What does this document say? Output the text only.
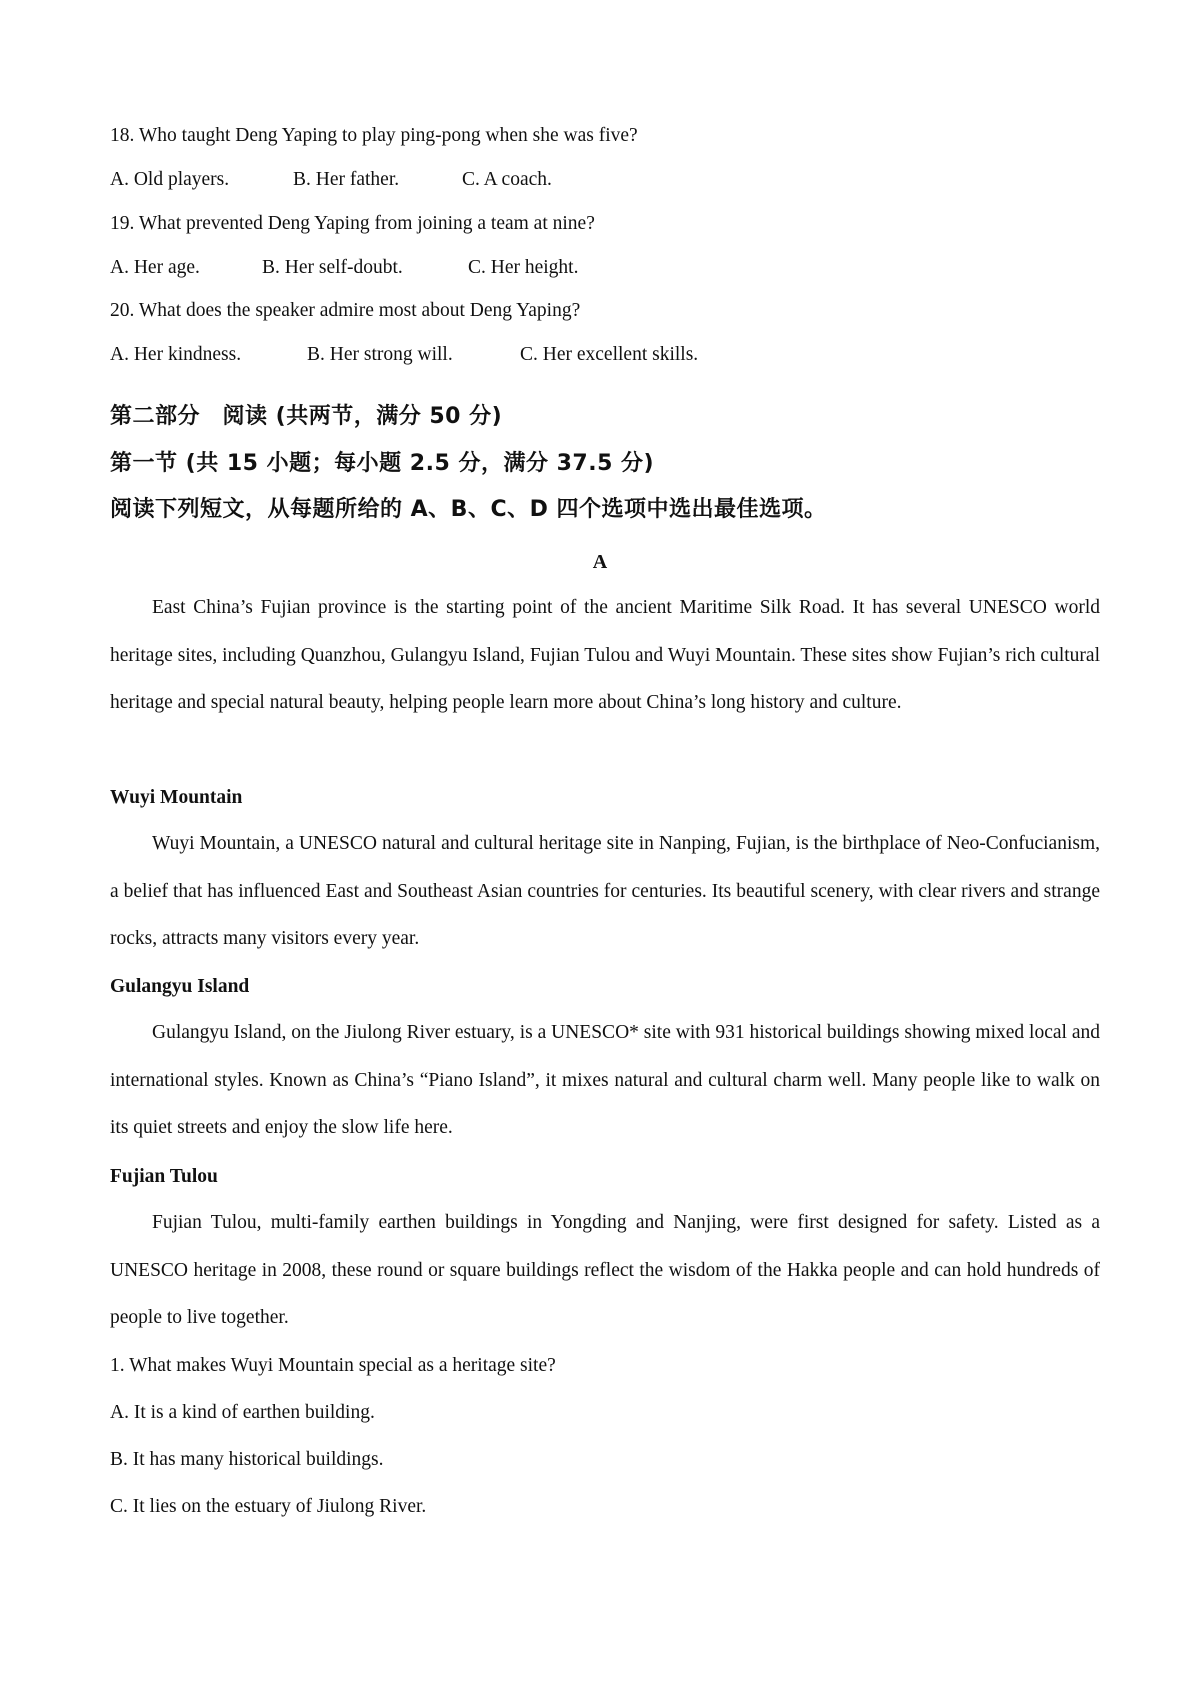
18. Who taught Deng Yaping to play ping-pong when she was five?
A. Old players.	B. Her father.	C. A coach.
19. What prevented Deng Yaping from joining a team at nine?
A. Her age.	B. Her self-doubt.	C. Her height.
20. What does the speaker admire most about Deng Yaping?
A. Her kindness.	B. Her strong will.	C. Her excellent skills.
第二部分　阅读 (共两节，满分 50 分)
第一节 (共 15 小题；每小题 2.5 分，满分 37.5 分)
阅读下列短文，从每题所给的 A、B、C、D 四个选项中选出最佳选项。
A

East China’s Fujian province is the starting point of the ancient Maritime Silk Road. It has several UNESCO world heritage sites, including Quanzhou, Gulangyu Island, Fujian Tulou and Wuyi Mountain. These sites show Fujian’s rich cultural heritage and special natural beauty, helping people learn more about China’s long history and culture.

Wuyi Mountain

Wuyi Mountain, a UNESCO natural and cultural heritage site in Nanping, Fujian, is the birthplace of Neo-Confucianism, a belief that has influenced East and Southeast Asian countries for centuries. Its beautiful scenery, with clear rivers and strange rocks, attracts many visitors every year.

Gulangyu Island

Gulangyu Island, on the Jiulong River estuary, is a UNESCO* site with 931 historical buildings showing mixed local and international styles. Known as China’s “Piano Island”, it mixes natural and cultural charm well. Many people like to walk on its quiet streets and enjoy the slow life here.

Fujian Tulou

Fujian Tulou, multi-family earthen buildings in Yongding and Nanjing, were first designed for safety. Listed as a UNESCO heritage in 2008, these round or square buildings reflect the wisdom of the Hakka people and can hold hundreds of people to live together.

1. What makes Wuyi Mountain special as a heritage site?
A. It is a kind of earthen building.
B. It has many historical buildings.
C. It lies on the estuary of Jiulong River.
